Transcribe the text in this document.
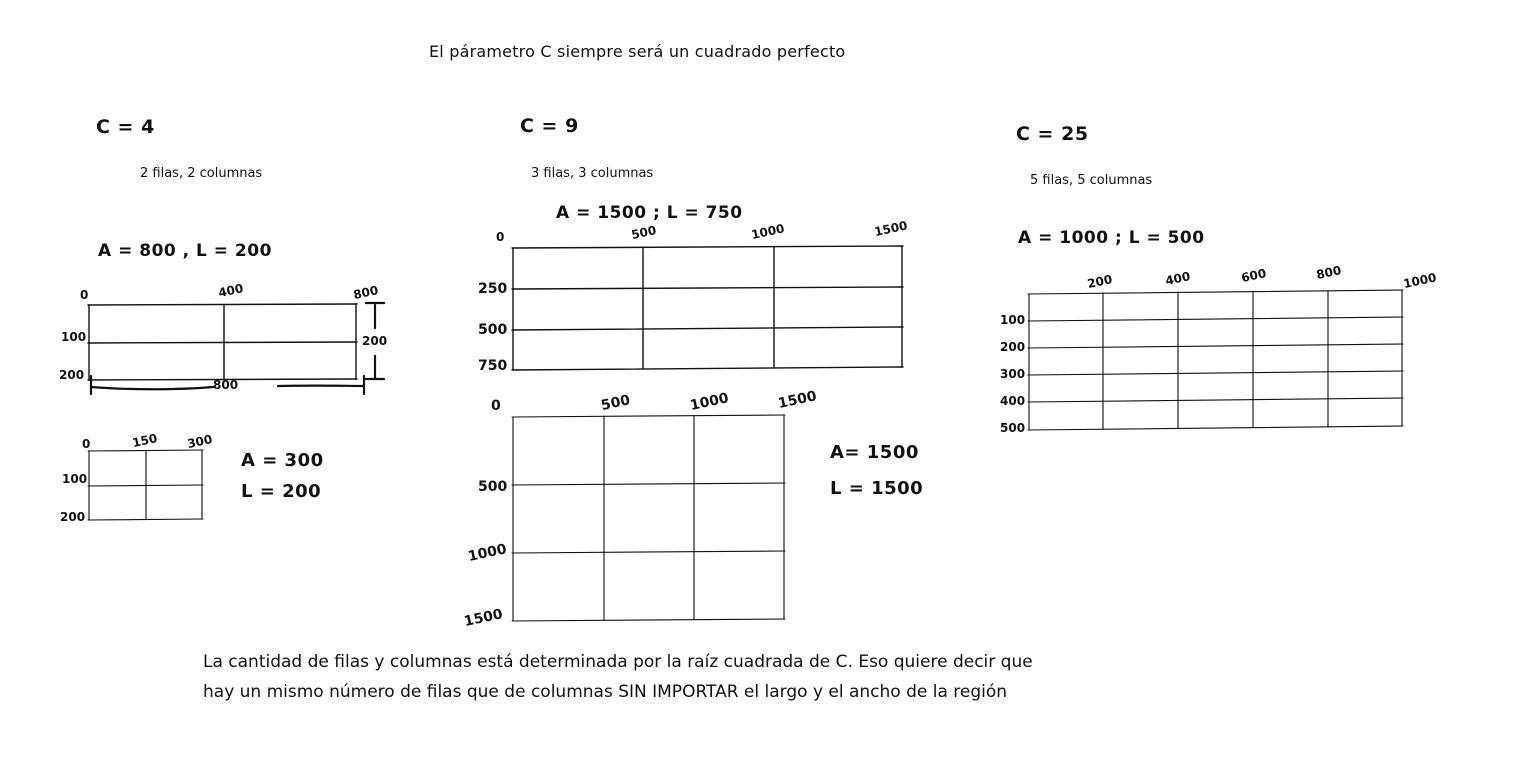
El párametro C siempre será un cuadrado perfecto
C = 4
2 filas, 2 columnas
A = 800 , L = 200
0	400	800
100
200
800
200
0	150 300
100
200
A = 300
L = 200
C = 9
3 filas, 3 columnas
A = 1500 ; L = 750
0	500	1000	1500
250
500
750
0	500	1000	1500
500
1000
1500
A= 1500
L = 1500
C = 25
5 filas, 5 columnas
A = 1000 ; L = 500
200	400	600	800	1000
100
200
300
400
500
La cantidad de filas y columnas está determinada por la raíz cuadrada de C. Eso quiere decir que
hay un mismo número de filas que de columnas SIN IMPORTAR el largo y el ancho de la región
